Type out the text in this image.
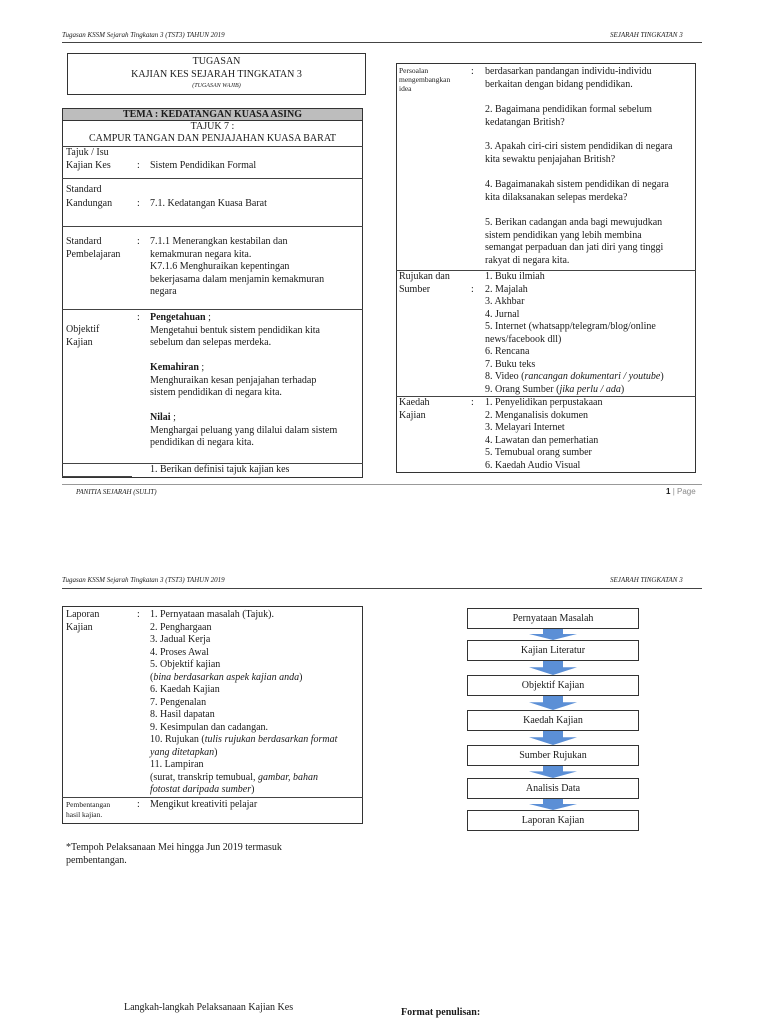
Tugasan KSSM Sejarah Tingkatan 3 (TST3) TAHUN 2019	SEJARAH TINGKATAN 3
TUGASAN
KAJIAN KES SEJARAH TINGKATAN 3
(TUGASAN WAJIB)
TEMA : KEDATANGAN KUASA ASING
TAJUK 7 :
CAMPUR TANGAN DAN PENJAJAHAN KUASA BARAT
Tajuk / Isu
Kajian Kes	: Sistem Pendidikan Formal
Standard
Kandungan : 7.1. Kedatangan Kuasa Barat
Standard
Pembelajaran
: 7.1.1 Menerangkan kestabilan dan
kemakmuran negara kita.
K7.1.6 Menghuraikan kepentingan
bekerjasama dalam menjamin kemakmuran
negara
Objektif
Kajian
: Pengetahuan ;
Mengetahui bentuk sistem pendidikan kita
sebelum dan selepas merdeka.

Kemahiran ;
Menghuraikan kesan penjajahan terhadap
sistem pendidikan di negara kita.

Nilai ;
Menghargai peluang yang dilalui dalam sistem
pendidikan di negara kita.
1. Berikan definisi tajuk kajian kes
Persoalan
mengembangkan
idea
: berdasarkan pandangan individu-individu
berkaitan dengan bidang pendidikan.
2. Bagaimana pendidikan formal sebelum
kedatangan British?
3. Apakah ciri-ciri sistem pendidikan di negara
kita sewaktu penjajahan British?
4. Bagaimanakah sistem pendidikan di negara
kita dilaksanakan selepas merdeka?
5. Berikan cadangan anda bagi mewujudkan
sistem pendidikan yang lebih membina
semangat perpaduan dan jati diri yang tinggi
rakyat di negara kita.
Rujukan dan
Sumber	:
1. Buku ilmiah
2. Majalah
3. Akhbar
4. Jurnal
5. Internet (whatsapp/telegram/blog/online
news/facebook dll)
6. Rencana
7. Buku teks
8. Video (rancangan dokumentari / youtube)
9. Orang Sumber (jika perlu / ada)
Kaedah
Kajian
: 1. Penyelidikan perpustakaan
2. Menganalisis dokumen
3. Melayari Internet
4. Lawatan dan pemerhatian
5. Temubual orang sumber
6. Kaedah Audio Visual
PANITIA SEJARAH (SULIT)	1 | Page
Tugasan KSSM Sejarah Tingkatan 3 (TST3) TAHUN 2019	SEJARAH TINGKATAN 3
Laporan
Kajian
: 1. Pernyataan masalah (Tajuk).
2. Penghargaan
3. Jadual Kerja
4. Proses Awal
5. Objektif kajian
(bina berdasarkan aspek kajian anda)
6. Kaedah Kajian
7. Pengenalan
8. Hasil dapatan
9. Kesimpulan dan cadangan.
10. Rujukan (tulis rujukan berdasarkan format
yang ditetapkan)
11. Lampiran
(surat, transkrip temubual, gambar, bahan
fotostat daripada sumber)
Pembentangan
hasil kajian.
: Mengikut kreativiti pelajar
*Tempoh Pelaksanaan Mei hingga Jun 2019 termasuk
pembentangan.
Pernyataan Masalah
Kajian Literatur
Objektif Kajian
Kaedah Kajian
Sumber Rujukan
Analisis Data
Laporan Kajian
Langkah-langkah Pelaksanaan Kajian Kes	Format penulisan:
